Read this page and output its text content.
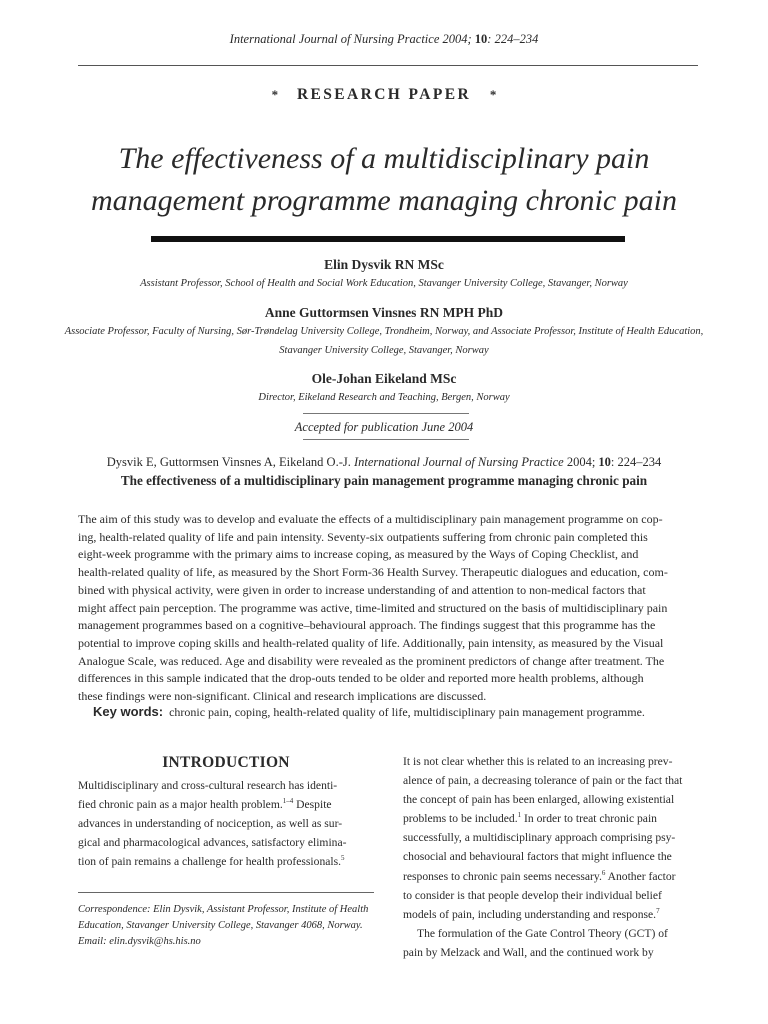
International Journal of Nursing Practice 2004; 10: 224–234
* RESEARCH PAPER *
The effectiveness of a multidisciplinary pain
management programme managing chronic pain
Elin Dysvik RN MSc
Assistant Professor, School of Health and Social Work Education, Stavanger University College, Stavanger, Norway
Anne Guttormsen Vinsnes RN MPH PhD
Associate Professor, Faculty of Nursing, Sør-Trøndelag University College, Trondheim, Norway, and Associate Professor, Institute of Health Education,
Stavanger University College, Stavanger, Norway
Ole-Johan Eikeland MSc
Director, Eikeland Research and Teaching, Bergen, Norway
Accepted for publication June 2004
Dysvik E, Guttormsen Vinsnes A, Eikeland O.-J. International Journal of Nursing Practice 2004; 10: 224–234
The effectiveness of a multidisciplinary pain management programme managing chronic pain
The aim of this study was to develop and evaluate the effects of a multidisciplinary pain management programme on cop-
ing, health-related quality of life and pain intensity. Seventy-six outpatients suffering from chronic pain completed this
eight-week programme with the primary aims to increase coping, as measured by the Ways of Coping Checklist, and
health-related quality of life, as measured by the Short Form-36 Health Survey. Therapeutic dialogues and education, com-
bined with physical activity, were given in order to increase understanding of and attention to non-medical factors that
might affect pain perception. The programme was active, time-limited and structured on the basis of multidisciplinary pain
management programmes based on a cognitive–behavioural approach. The findings suggest that this programme has the
potential to improve coping skills and health-related quality of life. Additionally, pain intensity, as measured by the Visual
Analogue Scale, was reduced. Age and disability were revealed as the prominent predictors of change after treatment. The
differences in this sample indicated that the drop-outs tended to be older and reported more health problems, although
these findings were non-significant. Clinical and research implications are discussed.
Key words: chronic pain, coping, health-related quality of life, multidisciplinary pain management programme.
INTRODUCTION
Multidisciplinary and cross-cultural research has identi-
fied chronic pain as a major health problem.$^{1-4}$ Despite
advances in understanding of nociception, as well as sur-
gical and pharmacological advances, satisfactory elimina-
tion of pain remains a challenge for health professionals.$^5$
Correspondence: Elin Dysvik, Assistant Professor, Institute of Health
Education, Stavanger University College, Stavanger 4068, Norway.
Email: elin.dysvik@hs.his.no
It is not clear whether this is related to an increasing prev-
alence of pain, a decreasing tolerance of pain or the fact that
the concept of pain has been enlarged, allowing existential
problems to be included.$^1$ In order to treat chronic pain
successfully, a multidisciplinary approach comprising psy-
chosocial and behavioural factors that might influence the
responses to chronic pain seems necessary.$^6$ Another factor
to consider is that people develop their individual belief
models of pain, including understanding and response.$^7$
The formulation of the Gate Control Theory (GCT) of
pain by Melzack and Wall, and the continued work by
